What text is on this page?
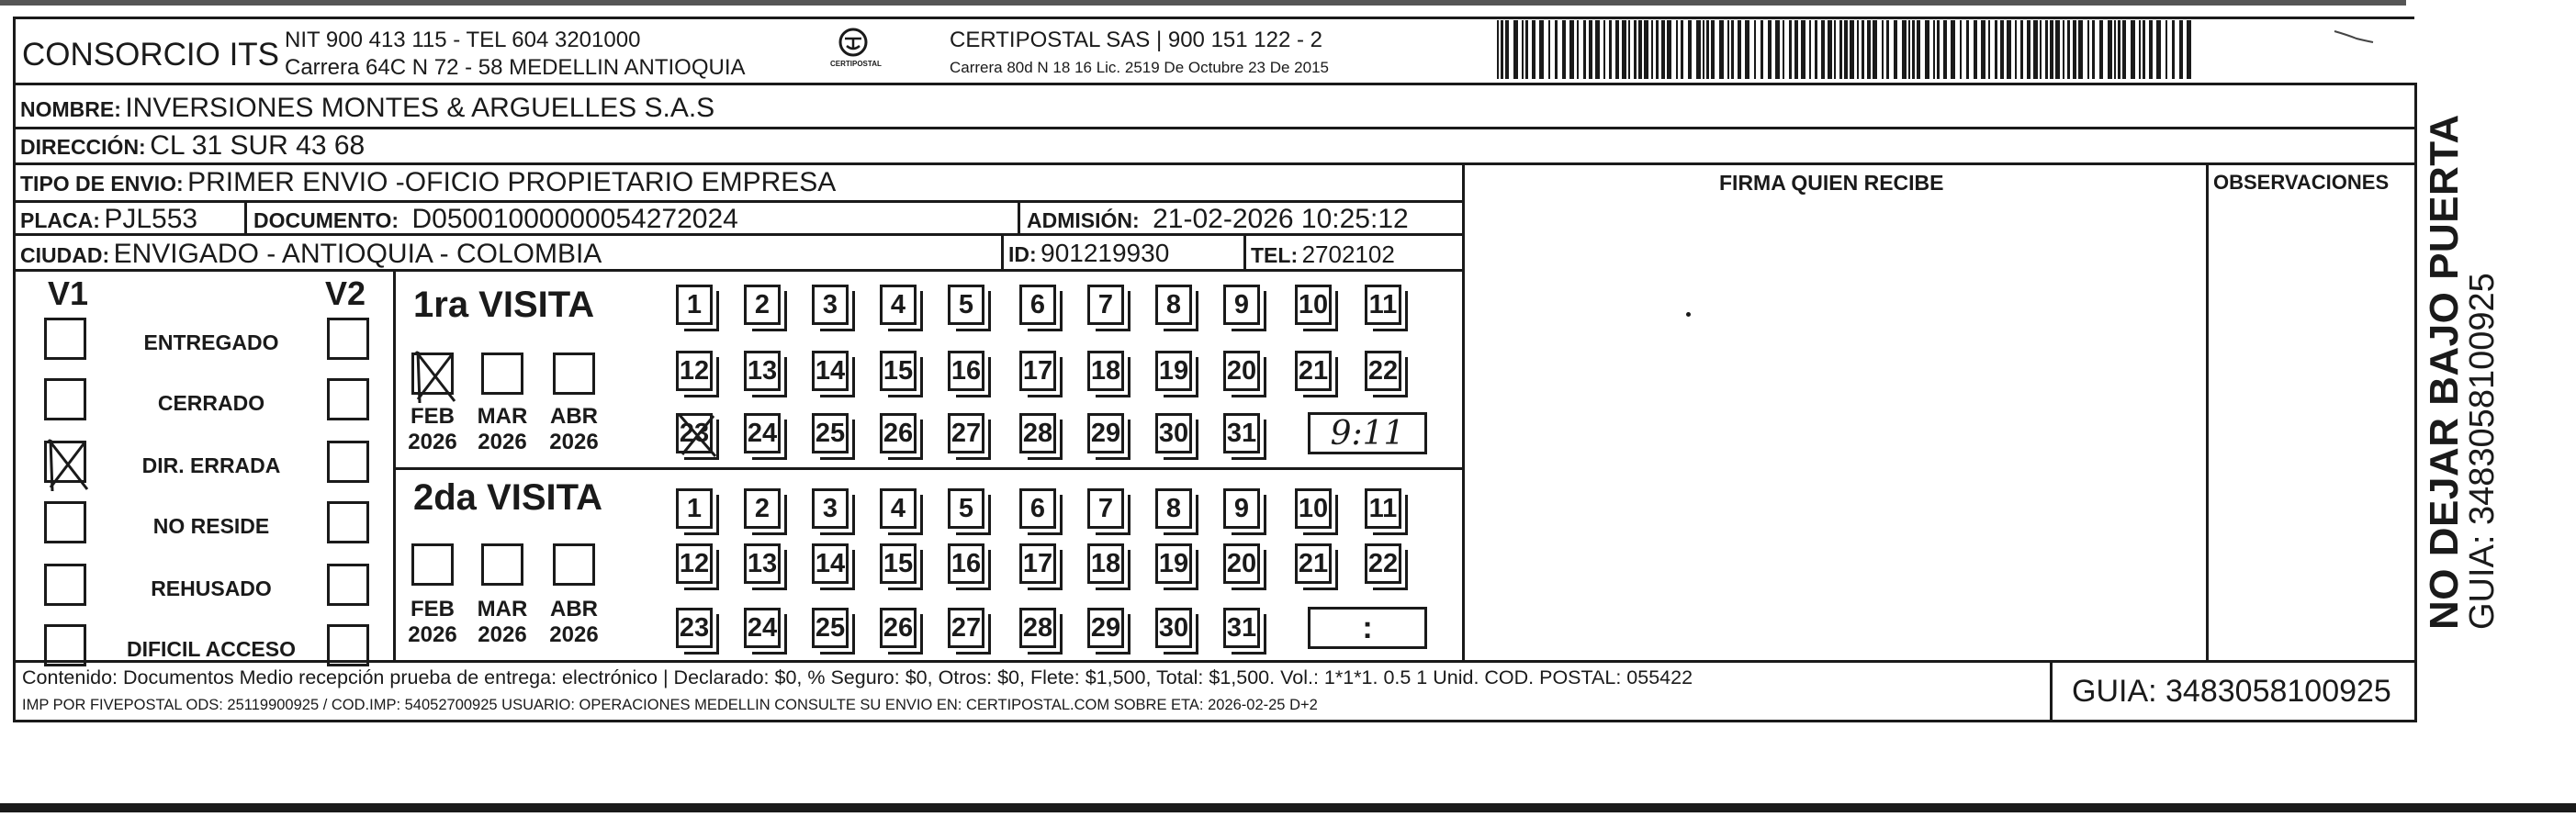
CONSORCIO ITS NIT 900 413 115 - TEL 604 3201000
Carrera 64C N 72 - 58 MEDELLIN ANTIOQUIA	CERTIPOSTAL
CERTIPOSTAL SAS | 900 151 122 - 2
Carrera 80d N 18 16 Lic. 2519 De Octubre 23 De 2015
NOMBRE: INVERSIONES MONTES & ARGUELLES S.A.S
DIRECCIÓN: CL 31 SUR 43 68
TIPO DE ENVIO: PRIMER ENVIO -OFICIO PROPIETARIO EMPRESA	FIRMA QUIEN RECIBE	OBSERVACIONES
PLACA: PJL553	DOCUMENTO: D05001000000054272024	ADMISIÓN: 21-02-2026 10:25:12
CIUDAD: ENVIGADO - ANTIOQUIA - COLOMBIA	ID: 901219930	TEL: 2702102
V1	V2
ENTREGADO
CERRADO
DIR. ERRADA
NO RESIDE
REHUSADO
DIFICIL ACCESO
1ra VISITA
2da VISITA
FEB
2026
MAR
2026
ABR
2026
FEB
2026
MAR
2026
ABR
2026
1	2	3	4	5	6	7	8	9	10 11
12 13 14 15 16 17 18 19 20 21 22
23 24 25 26 27 28 29 30 31	9:11
1	2	3	4	5	6	7	8	9	10 11
12 13 14 15 16 17 18 19 20 21 22
23 24 25 26 27 28 29 30 31	:
Contenido: Documentos Medio recepción prueba de entrega: electrónico | Declarado: $0, % Seguro: $0, Otros: $0, Flete: $1,500, Total: $1,500. Vol.: 1*1*1. 0.5 1 Unid. COD. POSTAL: 055422
IMP POR FIVEPOSTAL ODS: 25119900925 / COD.IMP: 54052700925 USUARIO: OPERACIONES MEDELLIN CONSULTE SU ENVIO EN: CERTIPOSTAL.COM SOBRE ETA: 2026-02-25 D+2	GUIA: 3483058100925
NO DEJAR BAJO PUERTA
GUIA: 3483058100925
